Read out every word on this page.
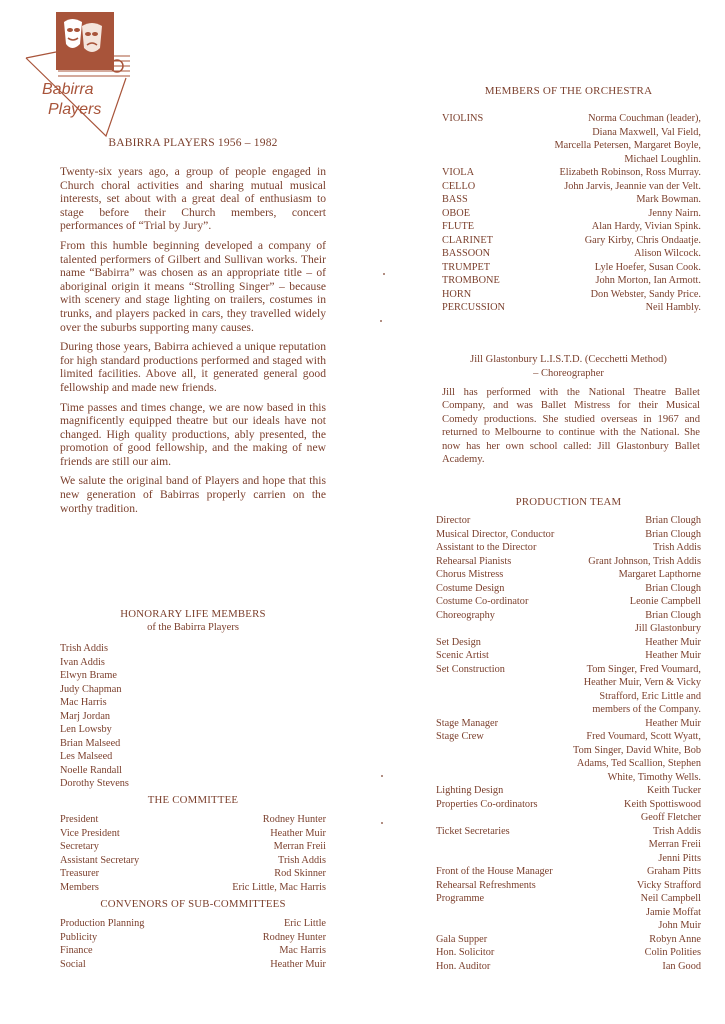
Babirra
Players
BABIRRA PLAYERS 1956 – 1982

Twenty-six years ago, a group of people engaged in Church choral activities and sharing mutual musical interests, set about with a great deal of enthusiasm to stage before their Church members, concert performances of “Trial by Jury”.

From this humble beginning developed a company of talented performers of Gilbert and Sullivan works. Their name “Babirra” was chosen as an appropriate title – of aboriginal origin it means “Strolling Singer” – because with scenery and stage lighting on trailers, costumes in trunks, and players packed in cars, they travelled widely over the suburbs supporting many causes.

During those years, Babirra achieved a unique reputation for high standard productions performed and staged with limited facilities. Above all, it generated general good fellowship and made new friends.

Time passes and times change, we are now based in this magnificently equipped theatre but our ideals have not changed. High quality productions, ably presented, the promotion of good fellowship, and the making of new friends are still our aim.

We salute the original band of Players and hope that this new generation of Babirras properly carrien on the worthy tradition.

HONORARY LIFE MEMBERS
of the Babirra Players
Trish Addis
Ivan Addis
Elwyn Brame
Judy Chapman
Mac Harris
Marj Jordan
Len Lowsby
Brian Malseed
Les Malseed
Noelle Randall
Dorothy Stevens
THE COMMITTEE
President	Rodney Hunter
Vice President	Heather Muir
Secretary	Merran Freii
Assistant Secretary	Trish Addis
Treasurer	Rod Skinner
Members	Eric Little, Mac Harris
CONVENORS OF SUB-COMMITTEES
Production Planning	Eric Little
Publicity	Rodney Hunter
Finance	Mac Harris
Social	Heather Muir
MEMBERS OF THE ORCHESTRA
VIOLINS	Norma Couchman (leader),
Diana Maxwell, Val Field,
Marcella Petersen, Margaret Boyle,
Michael Loughlin.
VIOLA	Elizabeth Robinson, Ross Murray.
CELLO	John Jarvis, Jeannie van der Velt.
BASS	Mark Bowman.
OBOE	Jenny Nairn.
FLUTE	Alan Hardy, Vivian Spink.
CLARINET	Gary Kirby, Chris Ondaatje.
BASSOON	Alison Wilcock.
TRUMPET	Lyle Hoefer, Susan Cook.
TROMBONE	John Morton, Ian Armott.
HORN	Don Webster, Sandy Price.
PERCUSSION	Neil Hambly.
Jill Glastonbury L.I.S.T.D. (Cecchetti Method)
– Choreographer

Jill has performed with the National Theatre Ballet Company, and was Ballet Mistress for their Musical Comedy productions. She studied overseas in 1967 and returned to Melbourne to continue with the National. She now has her own school called: Jill Glastonbury Ballet Academy.

PRODUCTION TEAM
Director	Brian Clough
Musical Director, Conductor	Brian Clough
Assistant to the Director	Trish Addis
Rehearsal Pianists	Grant Johnson, Trish Addis
Chorus Mistress	Margaret Lapthorne
Costume Design	Brian Clough
Costume Co-ordinator	Leonie Campbell
Choreography	Brian Clough
Jill Glastonbury
Set Design	Heather Muir
Scenic Artist	Heather Muir
Set Construction	Tom Singer, Fred Voumard,
Heather Muir, Vern & Vicky
Strafford, Eric Little and
members of the Company.
Stage Manager	Heather Muir
Stage Crew	Fred Voumard, Scott Wyatt,
Tom Singer, David White, Bob
Adams, Ted Scallion, Stephen
White, Timothy Wells.
Lighting Design	Keith Tucker
Properties Co-ordinators	Keith Spottiswood
Geoff Fletcher
Ticket Secretaries	Trish Addis
Merran Freii
Jenni Pitts
Front of the House Manager	Graham Pitts
Rehearsal Refreshments	Vicky Strafford
Programme	Neil Campbell
Jamie Moffat
John Muir
Gala Supper	Robyn Anne
Hon. Solicitor	Colin Polities
Hon. Auditor	Ian Good
